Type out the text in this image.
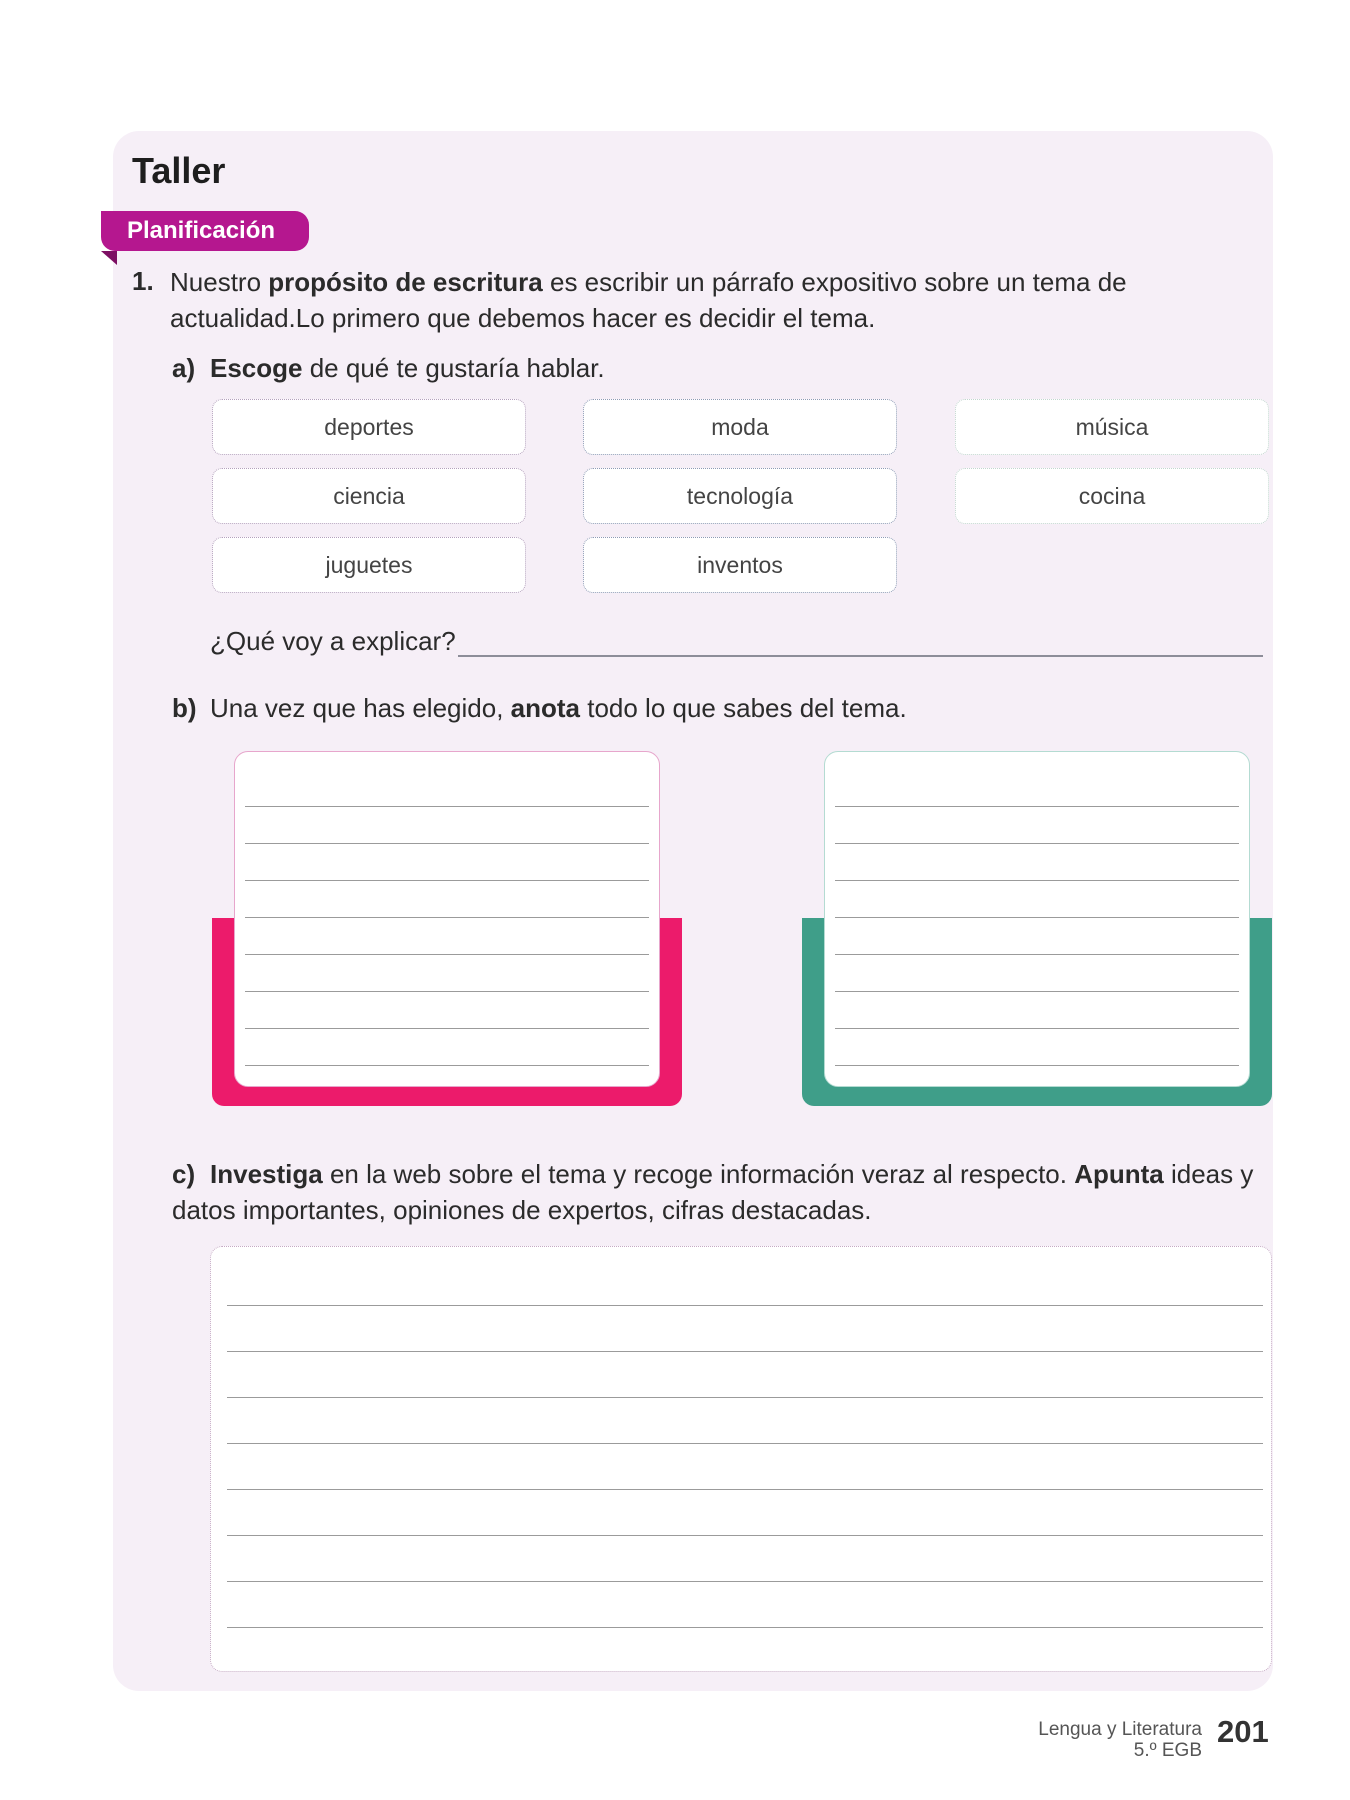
Taller
Planificación
1. Nuestro propósito de escritura es escribir un párrafo expositivo sobre un tema de actualidad.Lo primero que debemos hacer es decidir el tema.
a) Escoge de qué te gustaría hablar.
deportes
ciencia
juguetes
moda
tecnología
inventos
música
cocina
¿Qué voy a explicar?
b) Una vez que has elegido, anota todo lo que sabes del tema.
c) Investiga en la web sobre el tema y recoge información veraz al respecto. Apunta ideas y datos importantes, opiniones de expertos, cifras destacadas.
Lengua y Literatura
5.º EGB
201
